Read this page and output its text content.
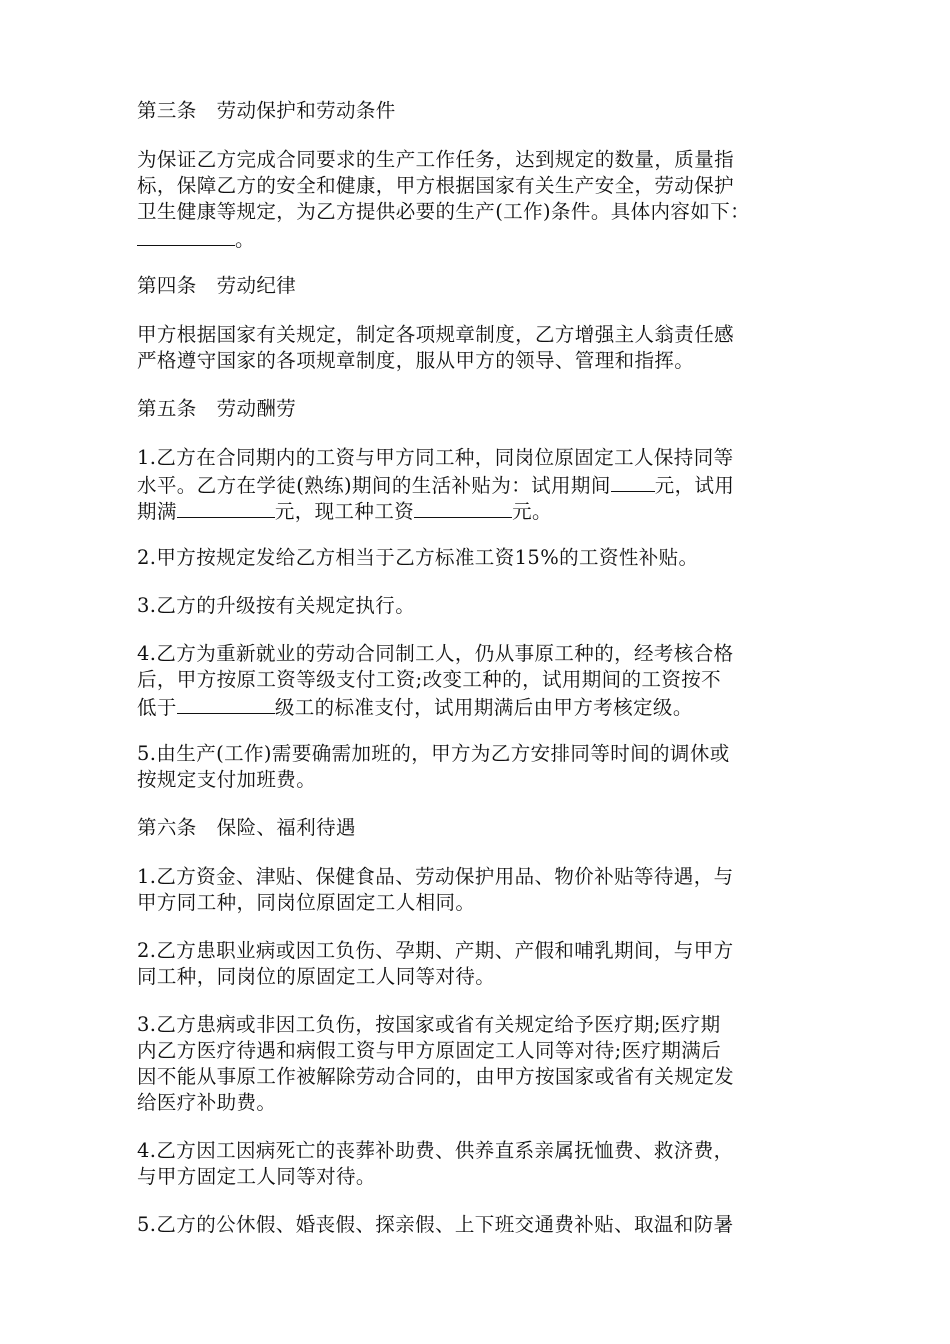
第三条　劳动保护和劳动条件
为保证乙方完成合同要求的生产工作任务，达到规定的数量，质量指
标，保障乙方的安全和健康，甲方根据国家有关生产安全，劳动保护
卫生健康等规定，为乙方提供必要的生产(工作)条件。具体内容如下：
。
第四条　劳动纪律
甲方根据国家有关规定，制定各项规章制度，乙方增强主人翁责任感
严格遵守国家的各项规章制度，服从甲方的领导、管理和指挥。
第五条　劳动酬劳
1.乙方在合同期内的工资与甲方同工种，同岗位原固定工人保持同等
水平。乙方在学徒(熟练)期间的生活补贴为：试用期间 元，试用
期满	元，现工种工资	元。
2.甲方按规定发给乙方相当于乙方标准工资15%的工资性补贴。
3.乙方的升级按有关规定执行。
4.乙方为重新就业的劳动合同制工人，仍从事原工种的，经考核合格
后，甲方按原工资等级支付工资;改变工种的，试用期间的工资按不
低于	级工的标准支付，试用期满后由甲方考核定级。
5.由生产(工作)需要确需加班的，甲方为乙方安排同等时间的调休或
按规定支付加班费。
第六条　保险、福利待遇
1.乙方资金、津贴、保健食品、劳动保护用品、物价补贴等待遇，与
甲方同工种，同岗位原固定工人相同。
2.乙方患职业病或因工负伤、孕期、产期、产假和哺乳期间，与甲方
同工种，同岗位的原固定工人同等对待。
3.乙方患病或非因工负伤，按国家或省有关规定给予医疗期;医疗期
内乙方医疗待遇和病假工资与甲方原固定工人同等对待;医疗期满后
因不能从事原工作被解除劳动合同的，由甲方按国家或省有关规定发
给医疗补助费。
4.乙方因工因病死亡的丧葬补助费、供养直系亲属抚恤费、救济费，
与甲方固定工人同等对待。
5.乙方的公休假、婚丧假、探亲假、上下班交通费补贴、取温和防暑
